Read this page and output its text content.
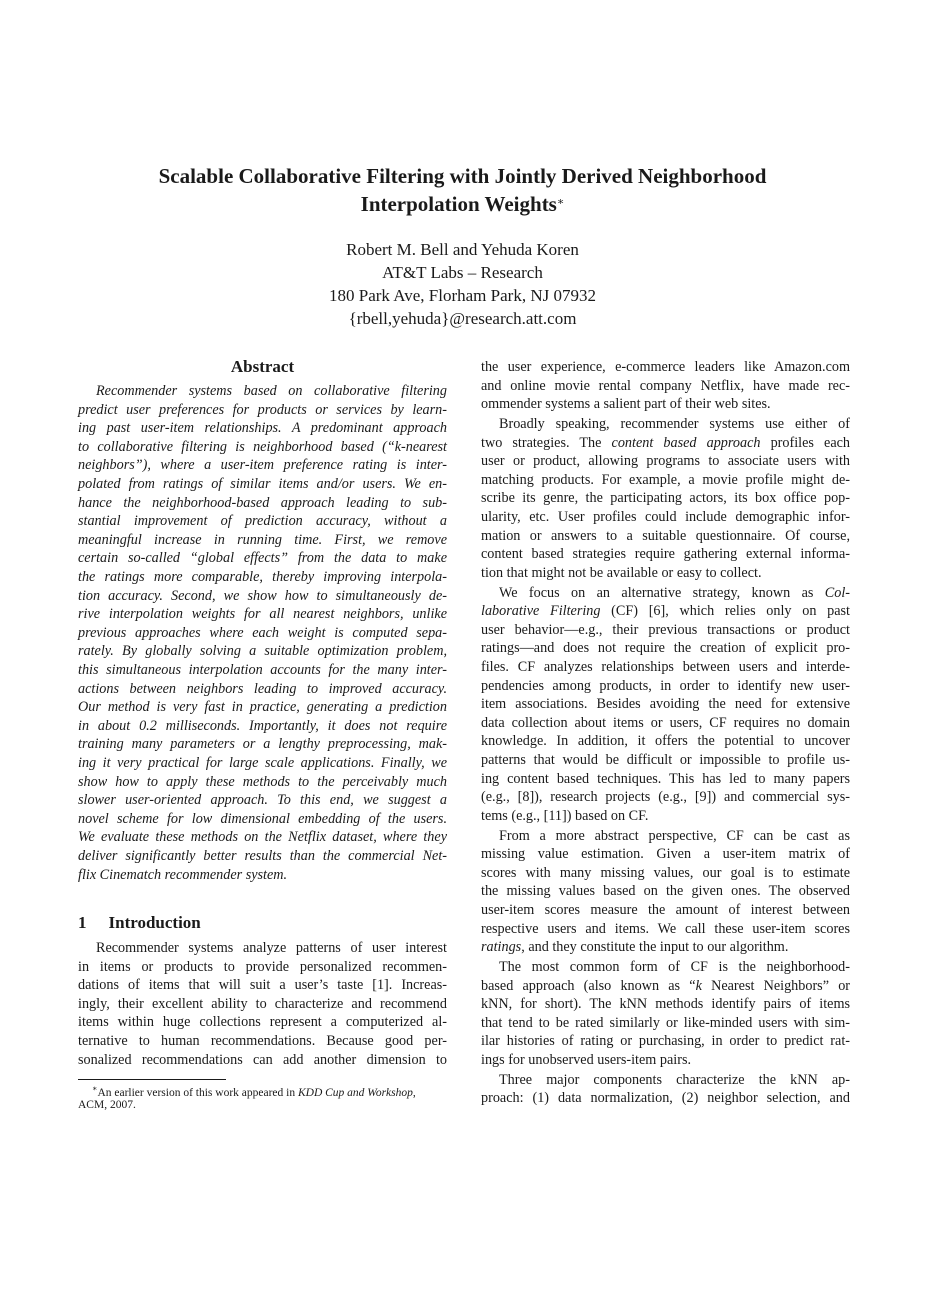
Scalable Collaborative Filtering with Jointly Derived Neighborhood
Interpolation Weights∗
Robert M. Bell and Yehuda Koren
AT&T Labs – Research
180 Park Ave, Florham Park, NJ 07932
{rbell,yehuda}@research.att.com
Abstract
Recommender systems based on collaborative filtering
predict user preferences for products or services by learn-
ing past user-item relationships. A predominant approach
to collaborative filtering is neighborhood based (“k-nearest
neighbors”), where a user-item preference rating is inter-
polated from ratings of similar items and/or users. We en-
hance the neighborhood-based approach leading to sub-
stantial improvement of prediction accuracy, without a
meaningful increase in running time. First, we remove
certain so-called “global effects” from the data to make
the ratings more comparable, thereby improving interpola-
tion accuracy. Second, we show how to simultaneously de-
rive interpolation weights for all nearest neighbors, unlike
previous approaches where each weight is computed sepa-
rately. By globally solving a suitable optimization problem,
this simultaneous interpolation accounts for the many inter-
actions between neighbors leading to improved accuracy.
Our method is very fast in practice, generating a prediction
in about 0.2 milliseconds. Importantly, it does not require
training many parameters or a lengthy preprocessing, mak-
ing it very practical for large scale applications. Finally, we
show how to apply these methods to the perceivably much
slower user-oriented approach. To this end, we suggest a
novel scheme for low dimensional embedding of the users.
We evaluate these methods on the Netflix dataset, where they
deliver significantly better results than the commercial Net-
flix Cinematch recommender system.
1 Introduction
Recommender systems analyze patterns of user interest
in items or products to provide personalized recommen-
dations of items that will suit a user’s taste [1]. Increas-
ingly, their excellent ability to characterize and recommend
items within huge collections represent a computerized al-
ternative to human recommendations. Because good per-
sonalized recommendations can add another dimension to
∗An earlier version of this work appeared in KDD Cup and Workshop,
ACM, 2007.
the user experience, e-commerce leaders like Amazon.com
and online movie rental company Netflix, have made rec-
ommender systems a salient part of their web sites.
Broadly speaking, recommender systems use either of
two strategies. The content based approach profiles each
user or product, allowing programs to associate users with
matching products. For example, a movie profile might de-
scribe its genre, the participating actors, its box office pop-
ularity, etc. User profiles could include demographic infor-
mation or answers to a suitable questionnaire. Of course,
content based strategies require gathering external informa-
tion that might not be available or easy to collect.
We focus on an alternative strategy, known as Col-
laborative Filtering (CF) [6], which relies only on past
user behavior—e.g., their previous transactions or product
ratings—and does not require the creation of explicit pro-
files. CF analyzes relationships between users and interde-
pendencies among products, in order to identify new user-
item associations. Besides avoiding the need for extensive
data collection about items or users, CF requires no domain
knowledge. In addition, it offers the potential to uncover
patterns that would be difficult or impossible to profile us-
ing content based techniques. This has led to many papers
(e.g., [8]), research projects (e.g., [9]) and commercial sys-
tems (e.g., [11]) based on CF.
From a more abstract perspective, CF can be cast as
missing value estimation. Given a user-item matrix of
scores with many missing values, our goal is to estimate
the missing values based on the given ones. The observed
user-item scores measure the amount of interest between
respective users and items. We call these user-item scores
ratings, and they constitute the input to our algorithm.
The most common form of CF is the neighborhood-
based approach (also known as “k Nearest Neighbors” or
kNN, for short). The kNN methods identify pairs of items
that tend to be rated similarly or like-minded users with sim-
ilar histories of rating or purchasing, in order to predict rat-
ings for unobserved users-item pairs.
Three major components characterize the kNN ap-
proach: (1) data normalization, (2) neighbor selection, and
